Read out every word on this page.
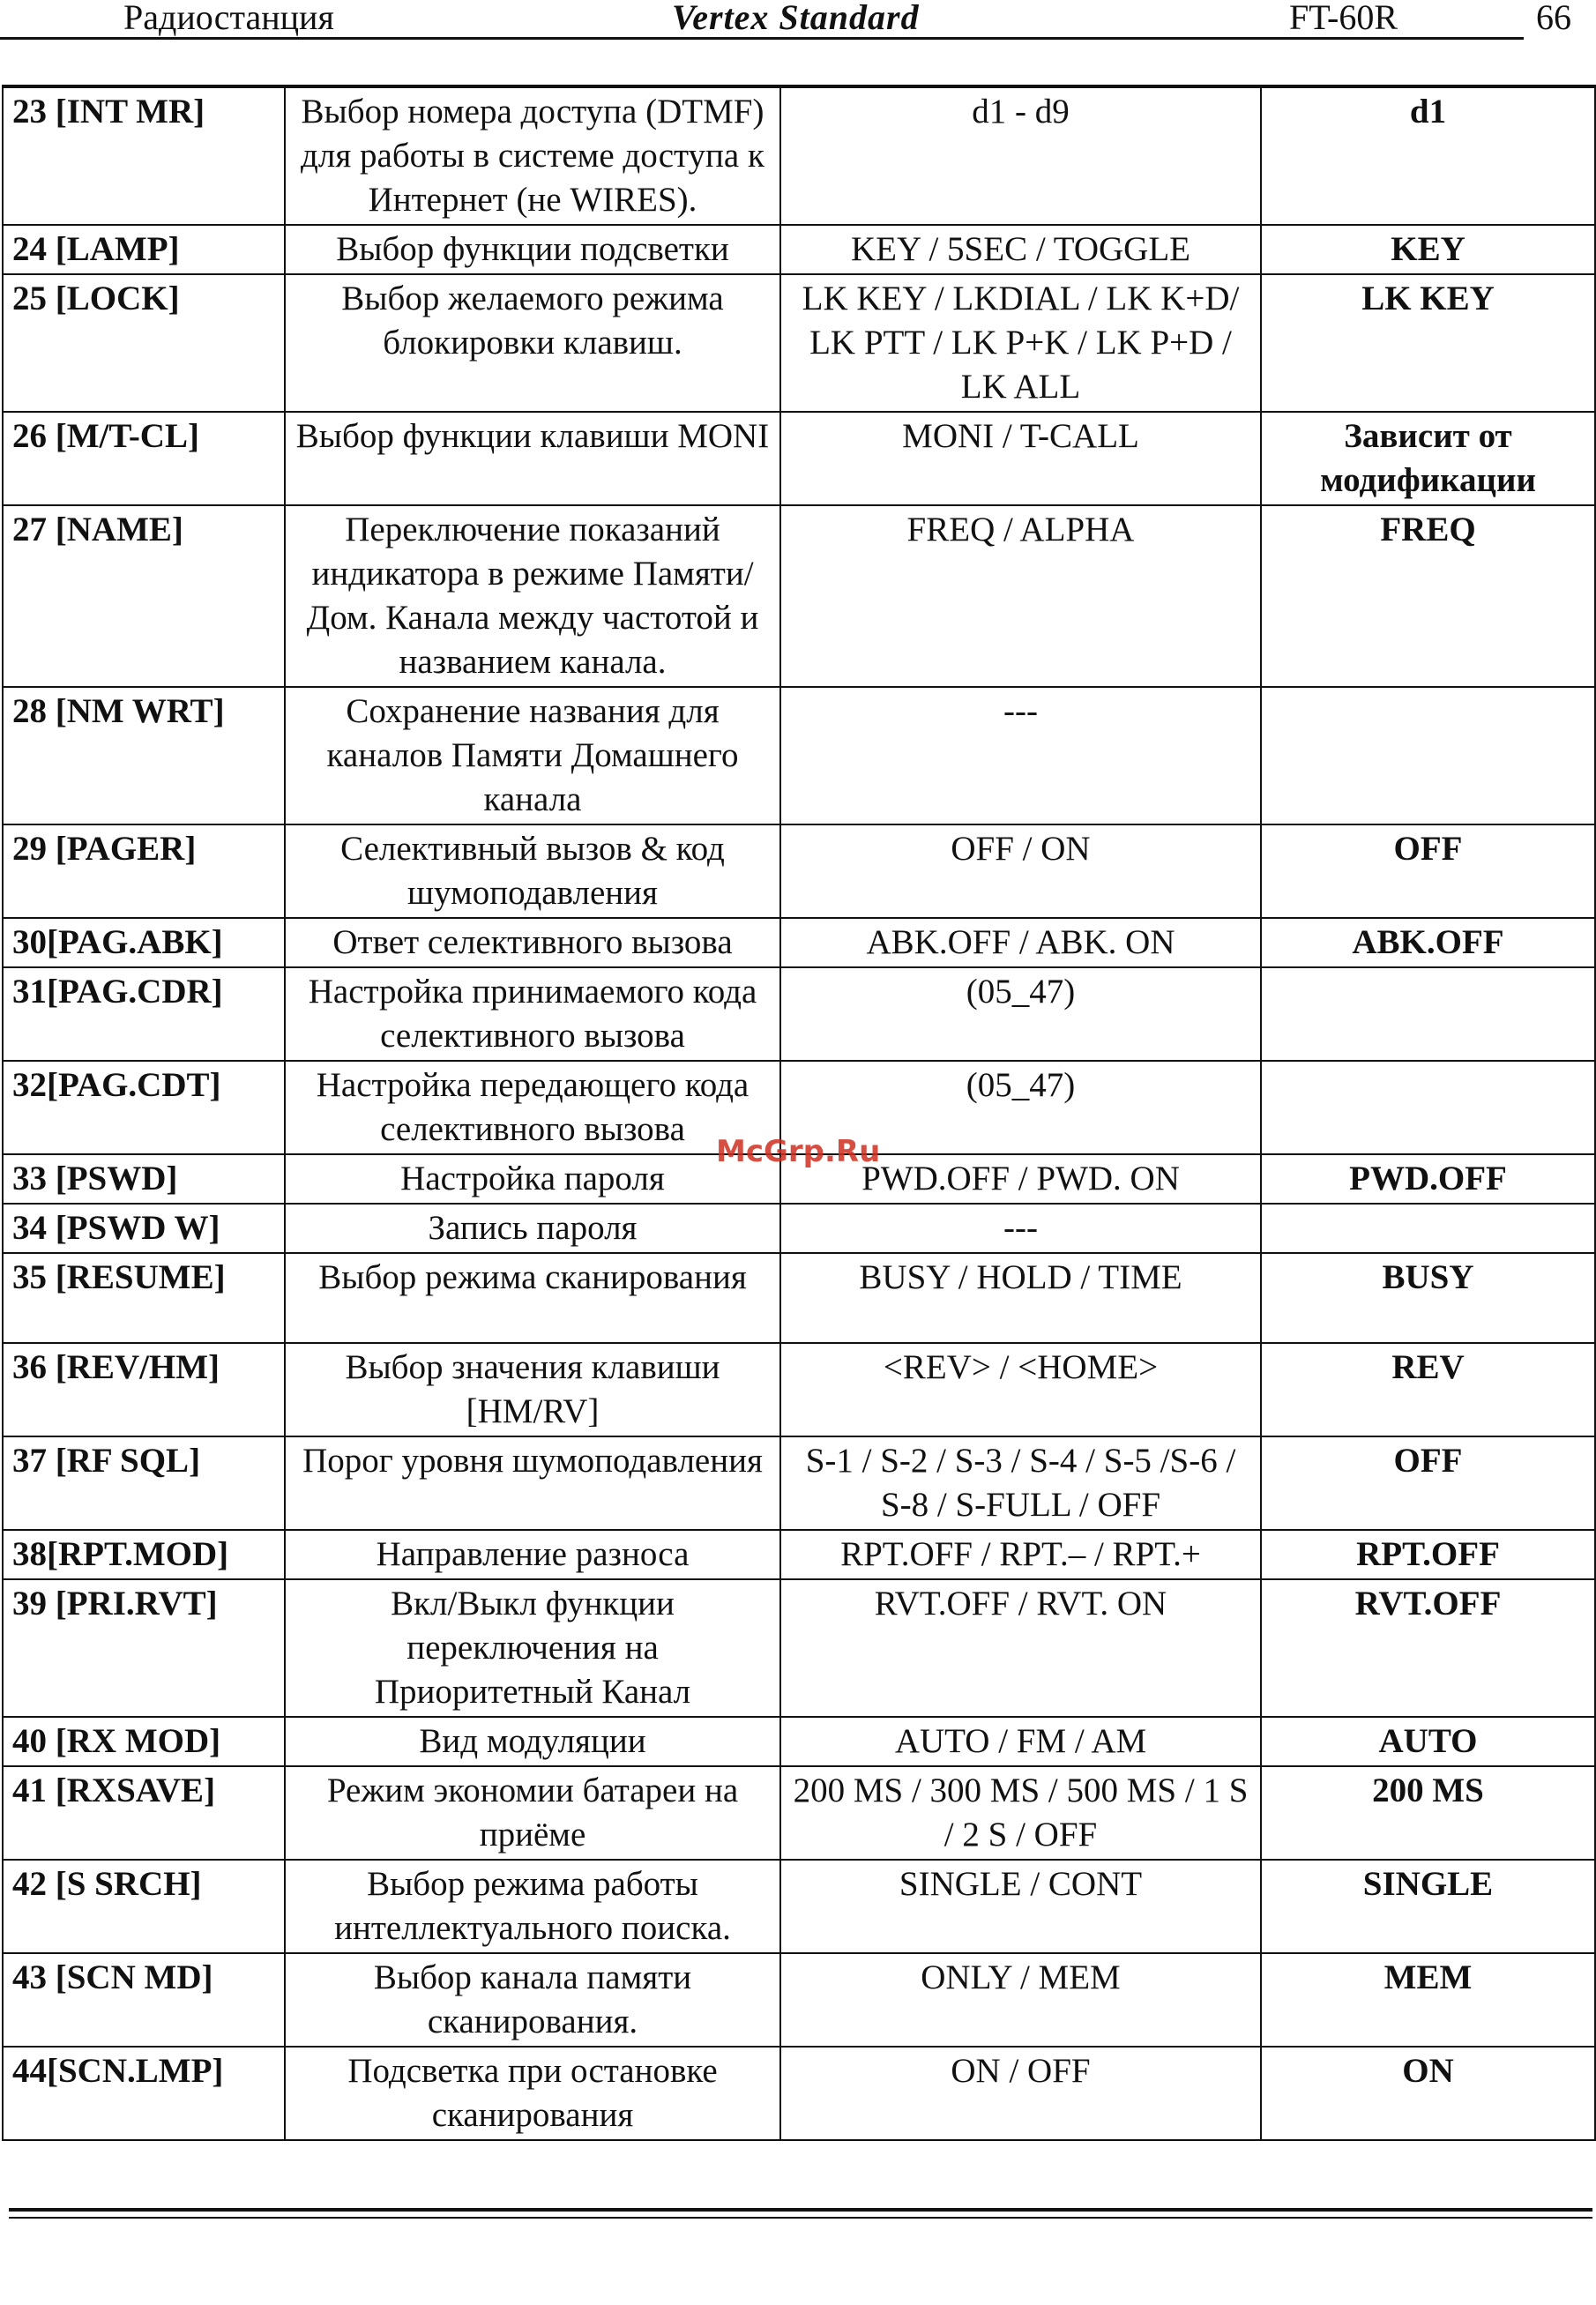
Радиостанция	Vertex Standard	FT-60R	66
23 [INT MR]	Выбор номера доступа (DTMF) для работы в системе доступа к Интернет (не WIRES).	d1 - d9	d1
24 [LAMP]	Выбор функции подсветки	KEY / 5SEC / TOGGLE	KEY
25 [LOCK]	Выбор желаемого режима блокировки клавиш.	LK KEY / LKDIAL / LK K+D/ LK PTT / LK P+K / LK P+D / LK ALL	LK KEY
26 [M/T-CL]	Выбор функции клавиши MONI	MONI / T-CALL	Зависит от модификации
27 [NAME]	Переключение показаний индикатора в режиме Памяти/Дом. Канала между частотой и названием канала.	FREQ / ALPHA	FREQ
28 [NM WRT]	Сохранение названия для каналов Памяти Домашнего канала	---	
29 [PAGER]	Селективный вызов & код шумоподавления	OFF / ON	OFF
30[PAG.ABK]	Ответ селективного вызова	ABK.OFF / ABK. ON	ABK.OFF
31[PAG.CDR]	Настройка принимаемого кода селективного вызова	(05_47)	
32[PAG.CDT]	Настройка передающего кода селективного вызова	(05_47)	
33 [PSWD]	Настройка пароля	PWD.OFF / PWD. ON	PWD.OFF
34 [PSWD W]	Запись пароля	---	
35 [RESUME]	Выбор режима сканирования	BUSY / HOLD / TIME	BUSY
36 [REV/HM]	Выбор значения клавиши [HM/RV]	<REV> / <HOME>	REV
37 [RF SQL]	Порог уровня шумоподавления	S-1 / S-2 / S-3 / S-4 / S-5 /S-6 / S-8 / S-FULL / OFF	OFF
38[RPT.MOD]	Направление разноса	RPT.OFF / RPT.– / RPT.+	RPT.OFF
39 [PRI.RVT]	Вкл/Выкл функции переключения на Приоритетный Канал	RVT.OFF / RVT. ON	RVT.OFF
40 [RX MOD]	Вид модуляции	AUTO / FM / AM	AUTO
41 [RXSAVE]	Режим экономии батареи на приёме	200 MS / 300 MS / 500 MS / 1 S / 2 S / OFF	200 MS
42 [S SRCH]	Выбор режима работы интеллектуального поиска.	SINGLE / CONT	SINGLE
43 [SCN MD]	Выбор канала памяти сканирования.	ONLY / MEM	MEM
44[SCN.LMP]	Подсветка при остановке сканирования	ON / OFF	ON
McGrp.Ru
